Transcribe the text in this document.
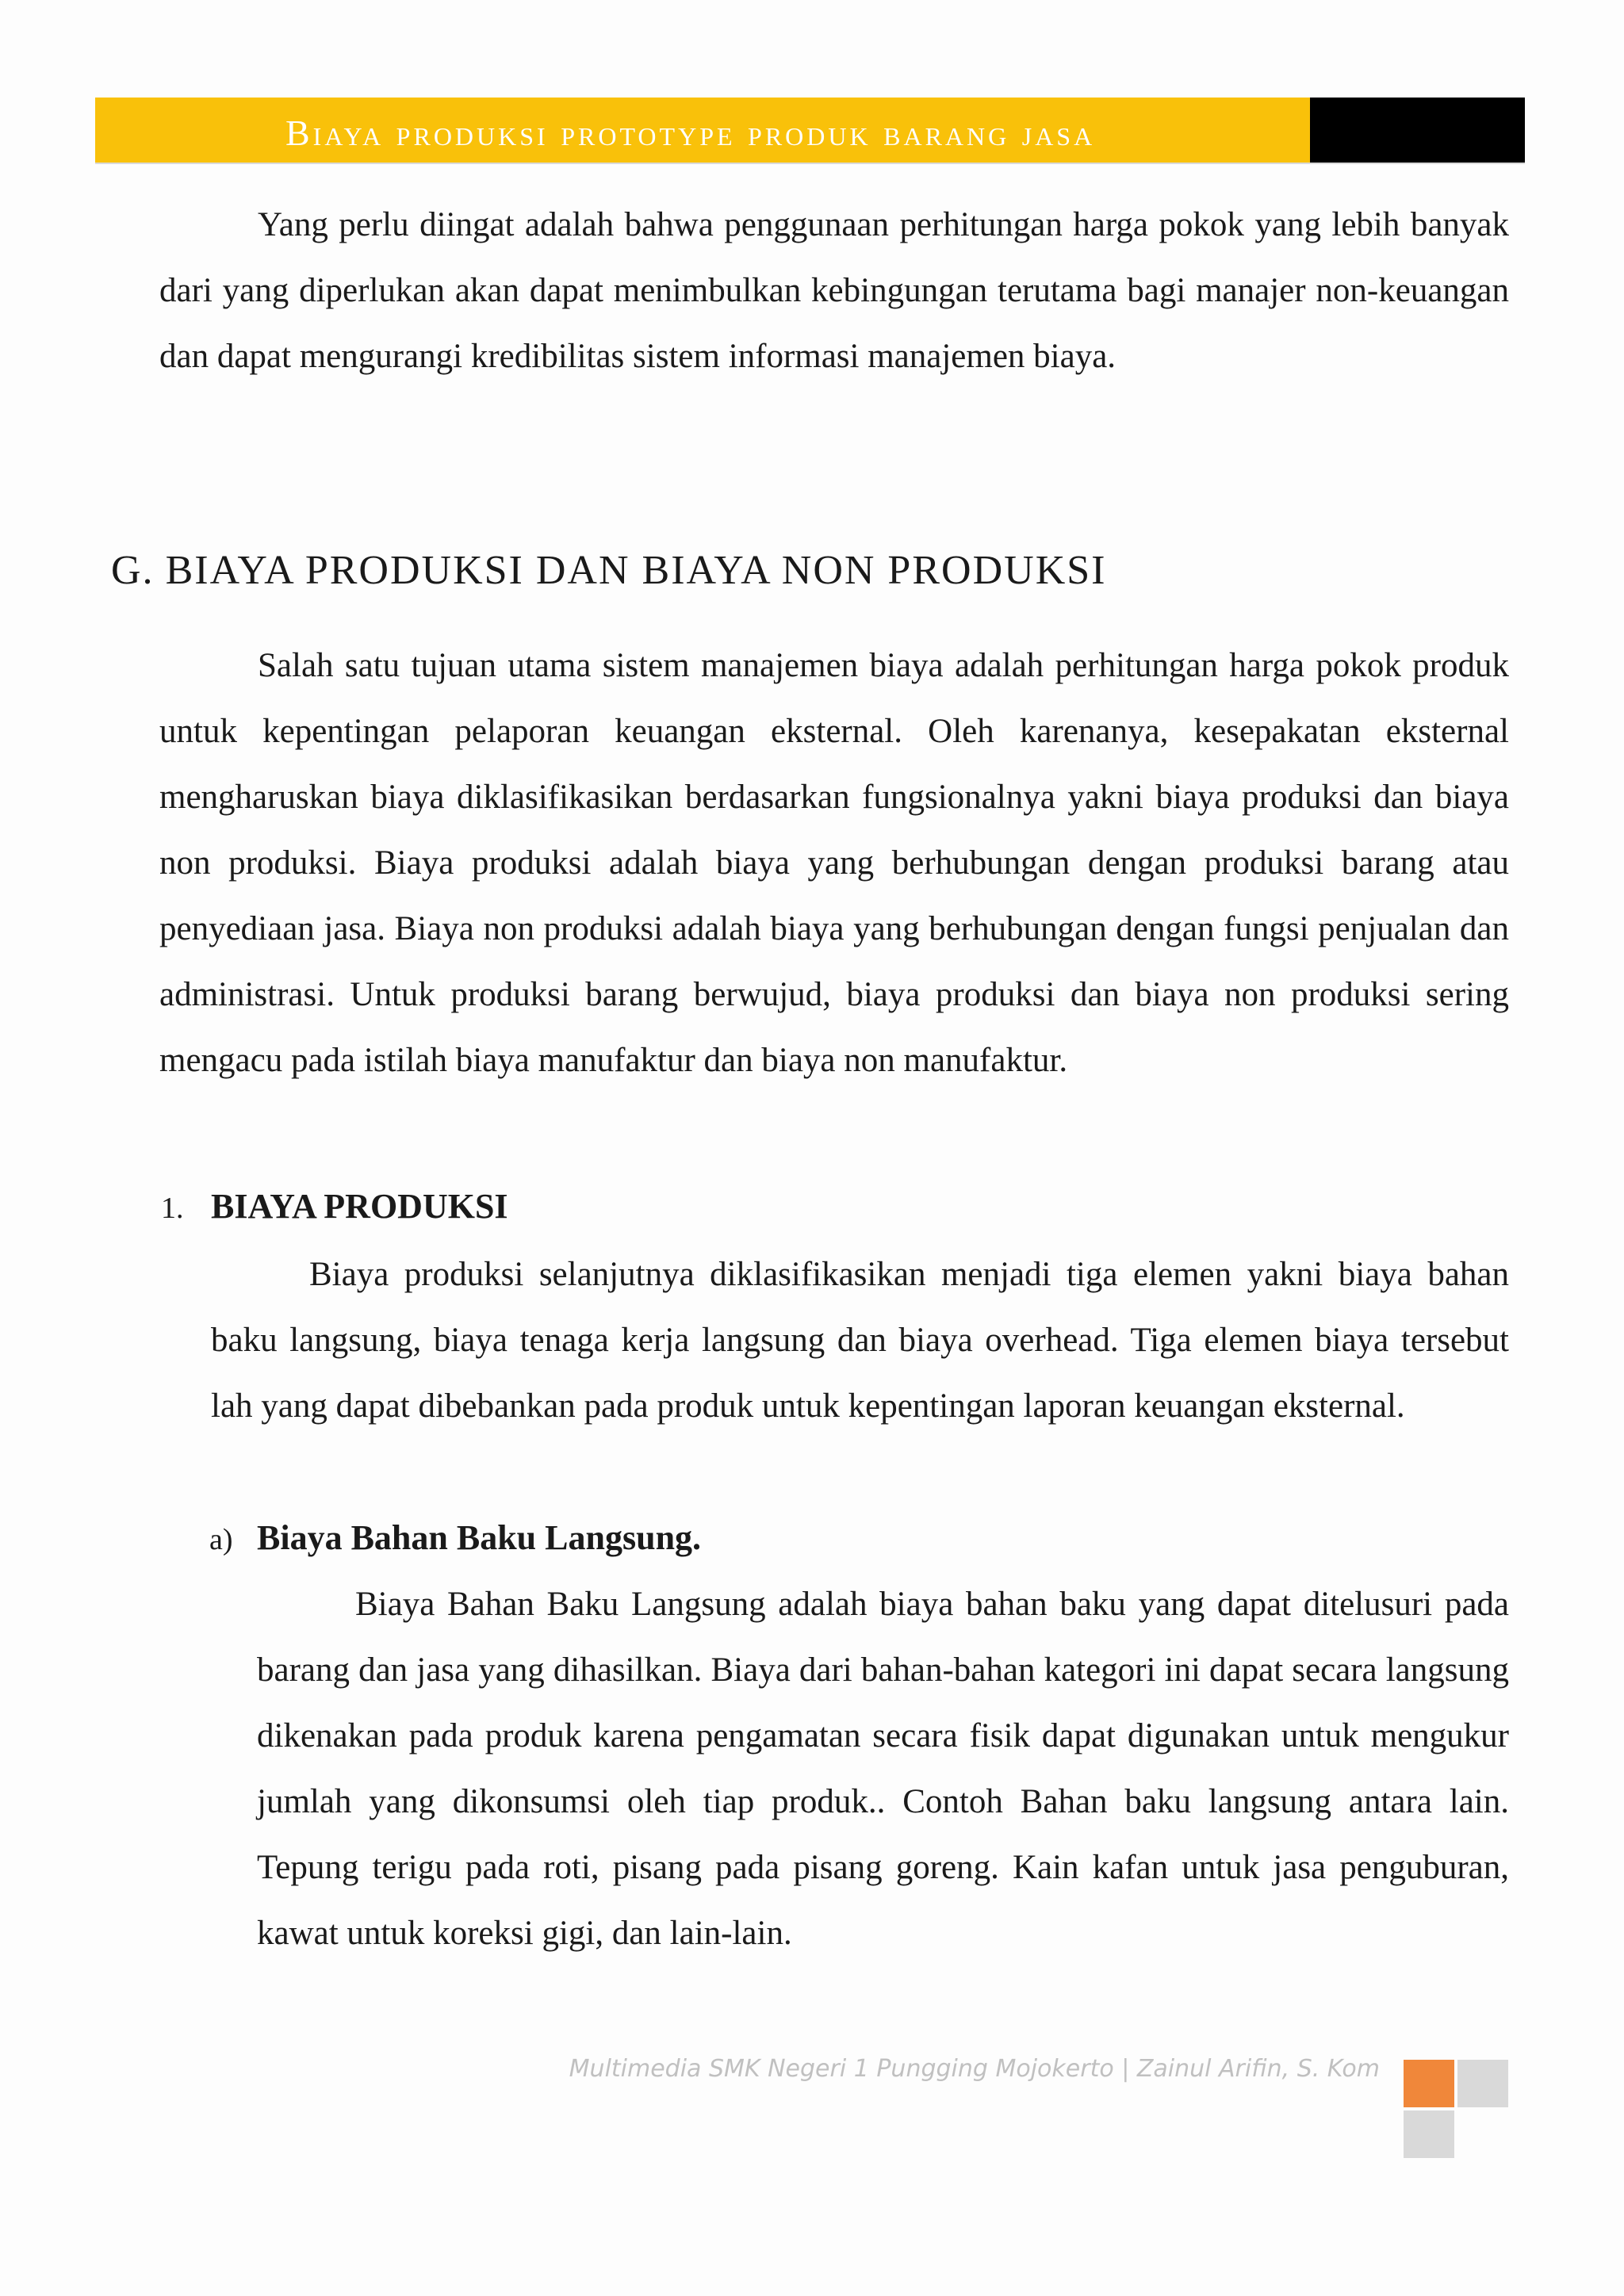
Biaya produksi prototype produk barang jasa
Yang perlu diingat adalah bahwa penggunaan perhitungan harga pokok yang lebih banyak dari yang diperlukan akan dapat menimbulkan kebingungan terutama bagi manajer non-keuangan dan dapat mengurangi kredibilitas sistem informasi manajemen biaya.
G. BIAYA PRODUKSI DAN BIAYA NON PRODUKSI
Salah satu tujuan utama sistem manajemen biaya adalah perhitungan harga pokok produk untuk kepentingan pelaporan keuangan eksternal. Oleh karenanya, kesepakatan eksternal mengharuskan biaya diklasifikasikan berdasarkan fungsionalnya yakni biaya produksi dan biaya non produksi. Biaya produksi adalah biaya yang berhubungan dengan produksi barang atau penyediaan jasa. Biaya non produksi adalah biaya yang berhubungan dengan fungsi penjualan dan administrasi. Untuk produksi barang berwujud, biaya produksi dan biaya non produksi sering mengacu pada istilah biaya manufaktur dan biaya non manufaktur.
1. BIAYA PRODUKSI
Biaya produksi selanjutnya diklasifikasikan menjadi tiga elemen yakni biaya bahan baku langsung, biaya tenaga kerja langsung dan biaya overhead. Tiga elemen biaya tersebut lah yang dapat dibebankan pada produk untuk kepentingan laporan keuangan eksternal.
a) Biaya Bahan Baku Langsung.
Biaya Bahan Baku Langsung adalah biaya bahan baku yang dapat ditelusuri pada barang dan jasa yang dihasilkan. Biaya dari bahan-bahan kategori ini dapat secara langsung dikenakan pada produk karena pengamatan secara fisik dapat digunakan untuk mengukur jumlah yang dikonsumsi oleh tiap produk.. Contoh Bahan baku langsung antara lain. Tepung terigu pada roti, pisang pada pisang goreng. Kain kafan untuk jasa penguburan, kawat untuk koreksi gigi, dan lain-lain.
Multimedia SMK Negeri 1 Pungging Mojokerto | Zainul Arifin, S. Kom
